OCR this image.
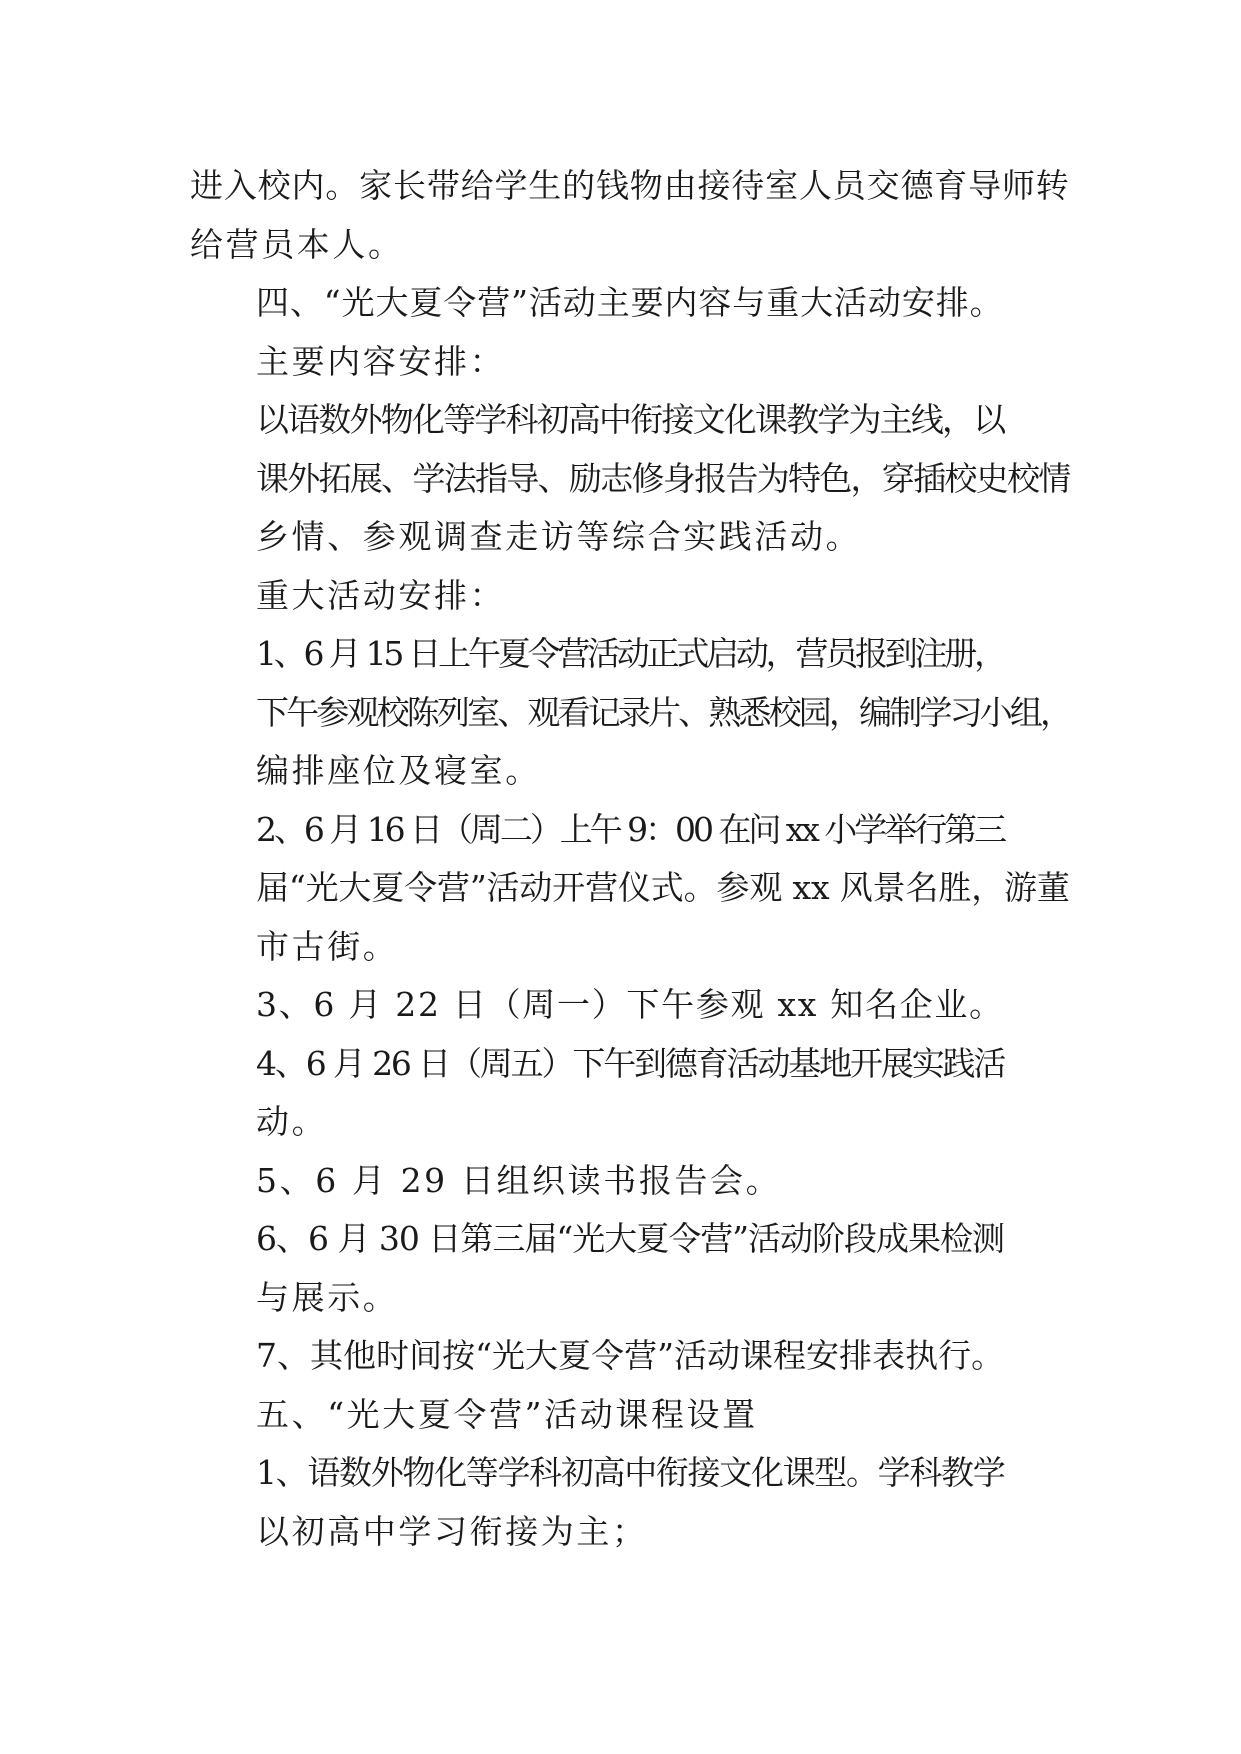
进入校内。家长带给学生的钱物由接待室人员交德育导师转
给营员本人。

四、“光大夏令营”活动主要内容与重大活动安排。

主要内容安排：

以语数外物化等学科初高中衔接文化课教学为主线，以
课外拓展、学法指导、励志修身报告为特色，穿插校史校情
乡情、参观调查走访等综合实践活动。

重大活动安排：

1、6 月 15 日上午夏令营活动正式启动，营员报到注册，
下午参观校陈列室、观看记录片、熟悉校园，编制学习小组，
编排座位及寝室。

2、6 月 16 日（周二）上午 9：00 在问 xx 小学举行第三
届“光大夏令营”活动开营仪式。参观 xx 风景名胜，游董
市古街。

3、6 月 22 日（周一）下午参观 xx 知名企业。

4、6 月 26 日（周五）下午到德育活动基地开展实践活
动。

5、6 月 29 日组织读书报告会。

6、6 月 30 日第三届“光大夏令营”活动阶段成果检测
与展示。

7、其他时间按“光大夏令营”活动课程安排表执行。

五、“光大夏令营”活动课程设置

1、语数外物化等学科初高中衔接文化课型。学科教学
以初高中学习衔接为主；
